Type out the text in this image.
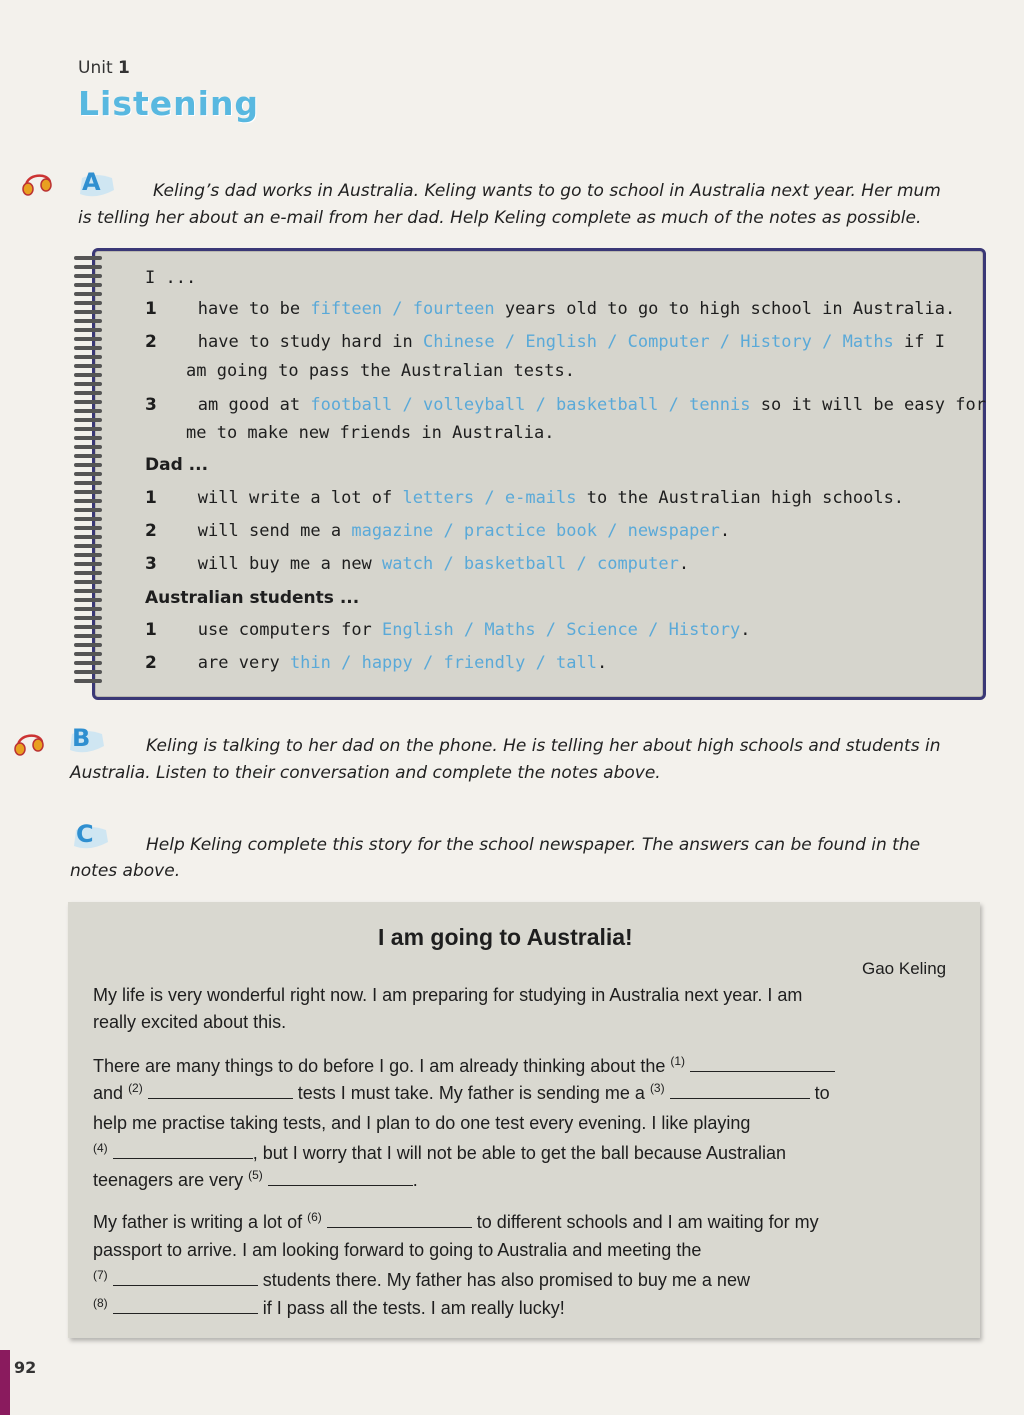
Unit 1
Listening
A	Keling’s dad works in Australia. Keling wants to go to school in Australia next year. Her mum
is telling her about an e-mail from her dad. Help Keling complete as much of the notes as possible.
I ...
1 have to be fifteen / fourteen years old to go to high school in Australia.
2 have to study hard in Chinese / English / Computer / History / Maths if I
am going to pass the Australian tests.
3 am good at football / volleyball / basketball / tennis so it will be easy for
me to make new friends in Australia.
Dad ...
1 will write a lot of letters / e-mails to the Australian high schools.
2 will send me a magazine / practice book / newspaper.
3 will buy me a new watch / basketball / computer.
Australian students ...
1 use computers for English / Maths / Science / History.
2 are very thin / happy / friendly / tall.
B	Keling is talking to her dad on the phone. He is telling her about high schools and students in
Australia. Listen to their conversation and complete the notes above.
C	Help Keling complete this story for the school newspaper. The answers can be found in the
notes above.
I am going to Australia!
Gao Keling
My life is very wonderful right now. I am preparing for studying in Australia next year. I am
really excited about this.
There are many things to do before I go. I am already thinking about the $^{(1)}$
and $^{(2)}$	tests I must take. My father is sending me a $^{(3)}$	to
help me practise taking tests, and I plan to do one test every evening. I like playing
$^{(4)}$	, but I worry that I will not be able to get the ball because Australian
teenagers are very $^{(5)}$	.
My father is writing a lot of $^{(6)}$	to different schools and I am waiting for my
passport to arrive. I am looking forward to going to Australia and meeting the
$^{(7)}$	students there. My father has also promised to buy me a new
$^{(8)}$	if I pass all the tests. I am really lucky!
92
